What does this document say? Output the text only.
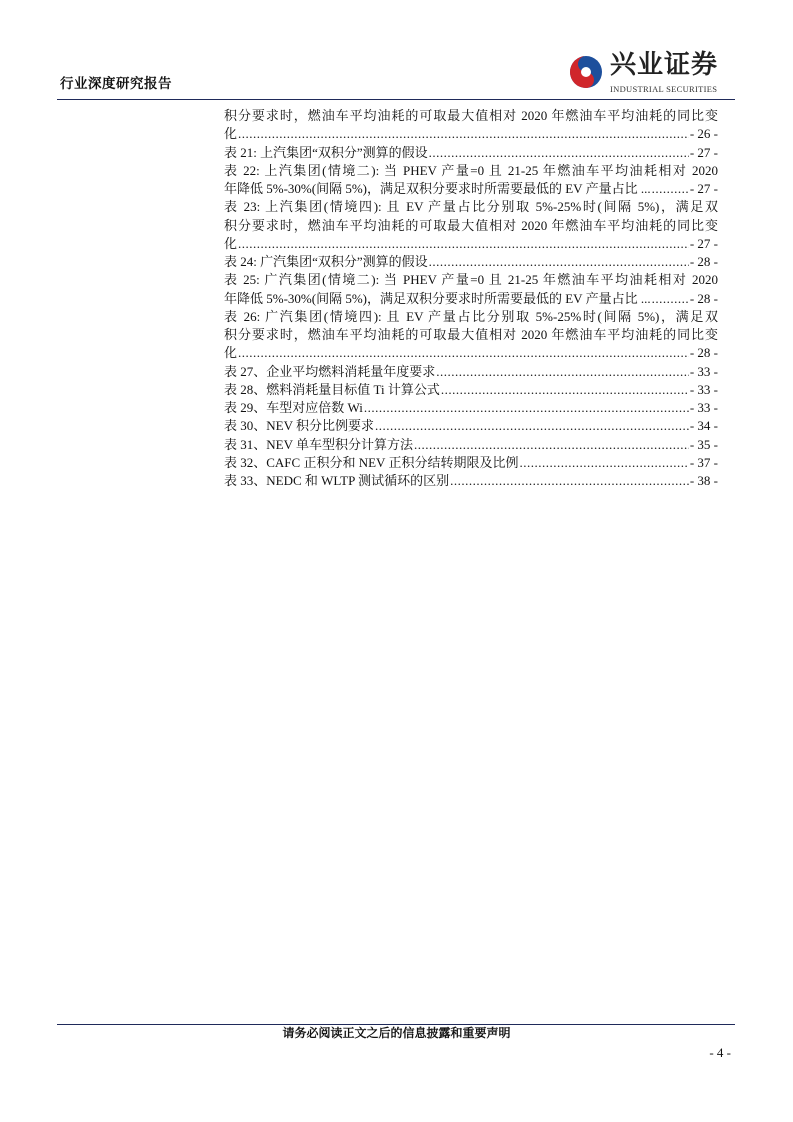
行业深度研究报告
兴业证券
INDUSTRIAL SECURITIES
积分要求时，燃油车平均油耗的可取最大值相对 2020 年燃油车平均油耗的同比变
化 .....	- 26 -
表 21: 上汽集团“双积分”测算的假设 .....	- 27 -
表 22: 上汽集团(情境二): 当 PHEV 产量=0 且 21-25 年燃油车平均油耗相对 2020
年降低 5%-30%(间隔 5%)，满足双积分要求时所需要最低的 EV 产量占比 ... .....	- 27 -
表 23: 上汽集团(情境四): 且 EV 产量占比分别取 5%-25%时(间隔 5%)，满足双
积分要求时，燃油车平均油耗的可取最大值相对 2020 年燃油车平均油耗的同比变
化 .....	- 27 -
表 24: 广汽集团“双积分”测算的假设 .....	- 28 -
表 25: 广汽集团(情境二): 当 PHEV 产量=0 且 21-25 年燃油车平均油耗相对 2020
年降低 5%-30%(间隔 5%)，满足双积分要求时所需要最低的 EV 产量占比 ... .....	- 28 -
表 26: 广汽集团(情境四): 且 EV 产量占比分别取 5%-25%时(间隔 5%)，满足双
积分要求时，燃油车平均油耗的可取最大值相对 2020 年燃油车平均油耗的同比变
化 .....	- 28 -
表 27、企业平均燃料消耗量年度要求 .....	- 33 -
表 28、燃料消耗量目标值 Ti 计算公式 .....	- 33 -
表 29、车型对应倍数 Wi .....	- 33 -
表 30、NEV 积分比例要求 .....	- 34 -
表 31、NEV 单车型积分计算方法 .....	- 35 -
表 32、CAFC 正积分和 NEV 正积分结转期限及比例 .....	- 37 -
表 33、NEDC 和 WLTP 测试循环的区别 .....	- 38 -
请务必阅读正文之后的信息披露和重要声明
- 4 -
